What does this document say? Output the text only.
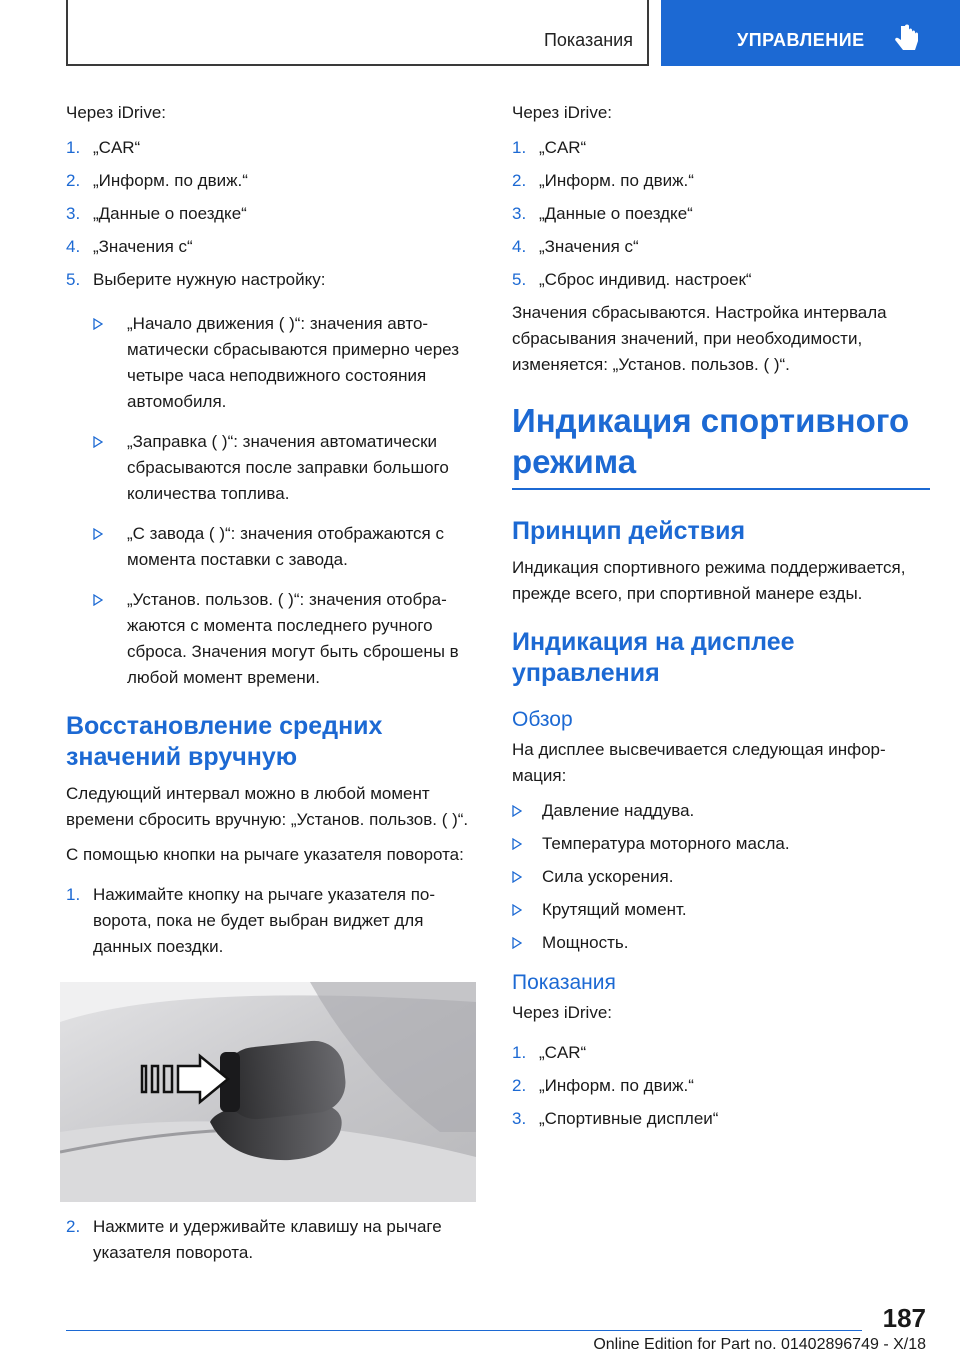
Показания	УПРАВЛЕНИЕ

Через iDrive:

1. „CAR“
2. „Информ. по движ.“
3. „Данные о поездке“
4. „Значения с“
5. Выберите нужную настройку:
„Начало движения ( )“: значения автоматически сбрасываются примерно через четыре часа неподвижного состояния автомобиля.
„Заправка ( )“: значения автоматически сбрасываются после заправки большого количества топлива.
„С завода ( )“: значения отображаются с момента поставки с завода.
„Установ. пользов. ( )“: значения отображаются с момента последнего ручного сброса. Значения могут быть сброшены в любой момент времени.
Восстановление средних значений вручную

Следующий интервал можно в любой момент времени сбросить вручную: „Установ. пользов. ( )“.

С помощью кнопки на рычаге указателя поворота:

1. Нажимайте кнопку на рычаге указателя поворота, пока не будет выбран виджет для данных поездки.
2. Нажмите и удерживайте клавишу на рычаге указателя поворота.

Через iDrive:

1. „CAR“
2. „Информ. по движ.“
3. „Данные о поездке“
4. „Значения с“
5. „Сброс индивид. настроек“

Значения сбрасываются. Настройка интервала сбрасывания значений, при необходимости, изменяется: „Установ. пользов. ( )“.

Индикация спортивного режима
Принцип действия

Индикация спортивного режима поддерживается, прежде всего, при спортивной манере езды.

Индикация на дисплее управления
Обзор

На дисплее высвечивается следующая информация:

Давление наддува.
Температура моторного масла.
Сила ускорения.
Крутящий момент.
Мощность.
Показания

Через iDrive:

1. „CAR“
2. „Информ. по движ.“
3. „Спортивные дисплеи“
187
Online Edition for Part no. 01402896749 - X/18
